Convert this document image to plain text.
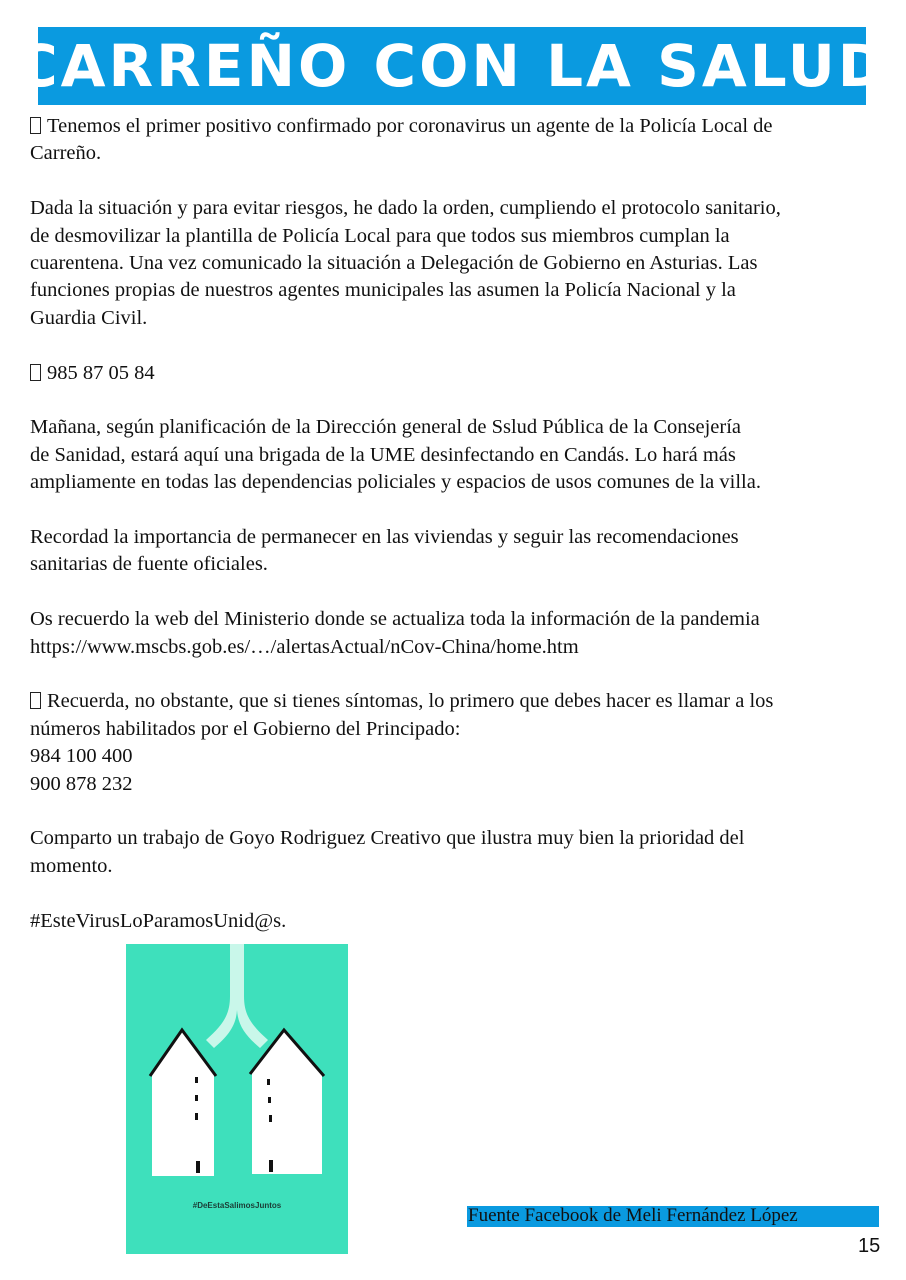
CARREÑO CON LA SALUD

Tenemos el primer positivo confirmado por coronavirus un agente de la Policía Local de
Carreño.

Dada la situación y para evitar riesgos, he dado la orden, cumpliendo el protocolo sanitario,
de desmovilizar la plantilla de Policía Local para que todos sus miembros cumplan la
cuarentena. Una vez comunicado la situación a Delegación de Gobierno en Asturias. Las
funciones propias de nuestros agentes municipales las asumen la Policía Nacional y la
Guardia Civil.

985 87 05 84

Mañana, según planificación de la Dirección general de Sslud Pública de la Consejería
de Sanidad, estará aquí una brigada de la UME desinfectando en Candás. Lo hará más
ampliamente en todas las dependencias policiales y espacios de usos comunes de la villa.

Recordad la importancia de permanecer en las viviendas y seguir las recomendaciones
sanitarias de fuente oficiales.

Os recuerdo la web del Ministerio donde se actualiza toda la información de la pandemia
https://www.mscbs.gob.es/…/alertasActual/nCov-China/home.htm

Recuerda, no obstante, que si tienes síntomas, lo primero que debes hacer es llamar a los
números habilitados por el Gobierno del Principado:
984 100 400
900 878 232

Comparto un trabajo de Goyo Rodriguez Creativo que ilustra muy bien la prioridad del
momento.

#EsteVirusLoParamosUnid@s.

#DeEstaSalimosJuntos	Fuente Facebook de Meli Fernández López
15
